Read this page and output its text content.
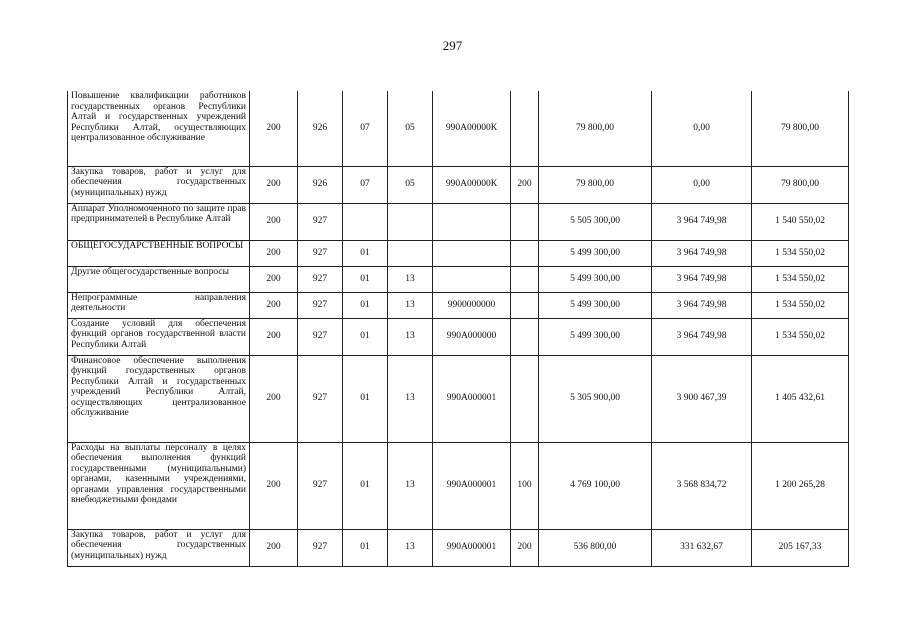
297
Повышение квалификации работников государственных органов Республики Алтай и государственных учреждений Республики Алтай, осуществляющих централизованное обслуживание	200	926	07	05	990А00000К		79 800,00	0,00	79 800,00
Закупка товаров, работ и услуг для обеспечения государственных (муниципальных) нужд	200	926	07	05	990А00000К	200	79 800,00	0,00	79 800,00
Аппарат Уполномоченного по защите прав предпринимателей в Республике Алтай	200	927					5 505 300,00	3 964 749,98	1 540 550,02
ОБЩЕГОСУДАРСТВЕННЫЕ ВОПРОСЫ	200	927	01				5 499 300,00	3 964 749,98	1 534 550,02
Другие общегосударственные вопросы	200	927	01	13			5 499 300,00	3 964 749,98	1 534 550,02
Непрограммные направления деятельности	200	927	01	13	9900000000		5 499 300,00	3 964 749,98	1 534 550,02
Создание условий для обеспечения функций органов государственной власти Республики Алтай	200	927	01	13	990А000000		5 499 300,00	3 964 749,98	1 534 550,02
Финансовое обеспечение выполнения функций государственных органов Республики Алтай и государственных учреждений Республики Алтай, осуществляющих централизованное обслуживание	200	927	01	13	990А000001		5 305 900,00	3 900 467,39	1 405 432,61
Расходы на выплаты персоналу в целях обеспечения выполнения функций государственными (муниципальными) органами, казенными учреждениями, органами управления государственными внебюджетными фондами	200	927	01	13	990А000001	100	4 769 100,00	3 568 834,72	1 200 265,28
Закупка товаров, работ и услуг для обеспечения государственных (муниципальных) нужд	200	927	01	13	990А000001	200	536 800,00	331 632,67	205 167,33
